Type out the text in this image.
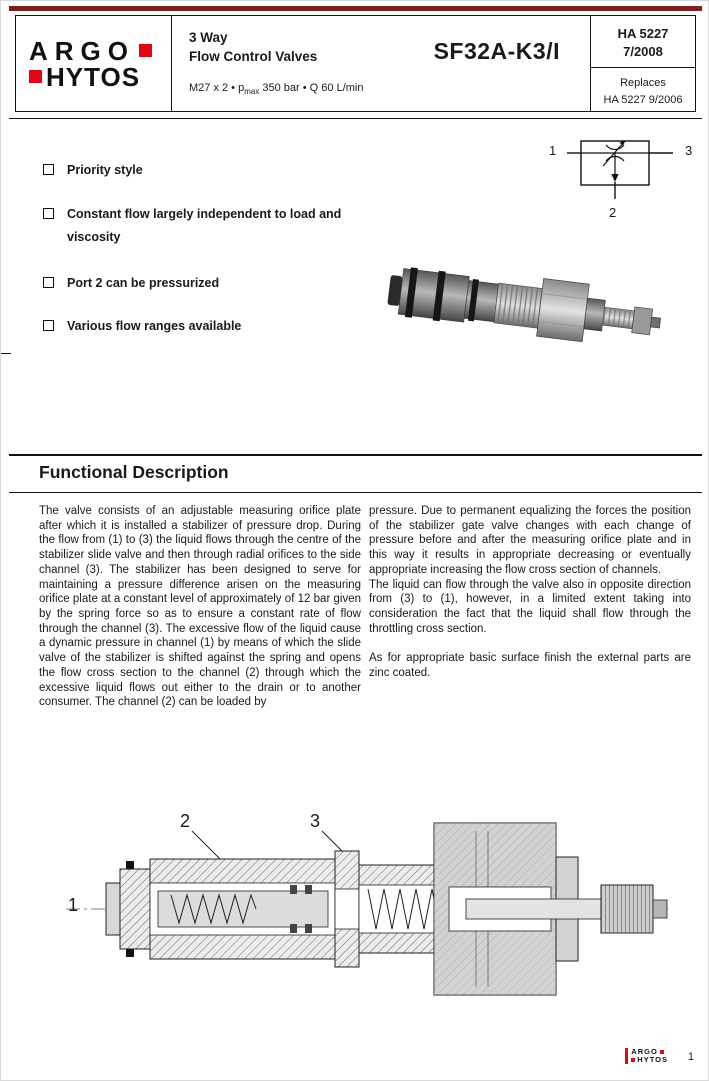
ARGO
HYTOS
3 Way
Flow Control Valves
M27 x 2 • $p_{max}$ 350 bar • Q 60 L/min
SF32A-K3/I
HA 5227
7/2008
Replaces
HA 5227 9/2006
Priority style
Constant flow largely independent to load and viscosity
Port 2 can be pressurized
Various flow ranges available
1	3
2
Functional Description

The valve consists of an adjustable measuring orifice plate after which it is installed a stabilizer of pressure drop. During the flow from (1) to (3) the liquid flows through the centre of the stabilizer slide valve and then through radial orifices to the side channel (3). The stabilizer has been designed to serve for maintaining a pressure difference arisen on the measuring orifice plate at a constant level of approximately of 12 bar given by the spring force so as to ensure a constant rate of flow through the channel (3). The excessive flow of the liquid cause a dynamic pressure in channel (1) by means of which the slide valve of the stabilizer is shifted against the spring and opens the flow cross section to the channel (2) through which the excessive liquid flows out either to the drain or to another consumer. The channel (2) can be loaded by

pressure. Due to permanent equalizing the forces the position of the stabilizer gate valve changes with each change of pressure before and after the measuring orifice plate and in this way it results in appropriate decreasing or eventually appropriate increasing the flow cross section of channels.

The liquid can flow through the valve also in opposite direction from (3) to (1), however, in a limited extent taking into consideration the fact that the liquid shall flow through the throttling cross section.

As for appropriate basic surface finish the external parts are zinc coated.

1
2	3
ARGO
HYTOS 1
